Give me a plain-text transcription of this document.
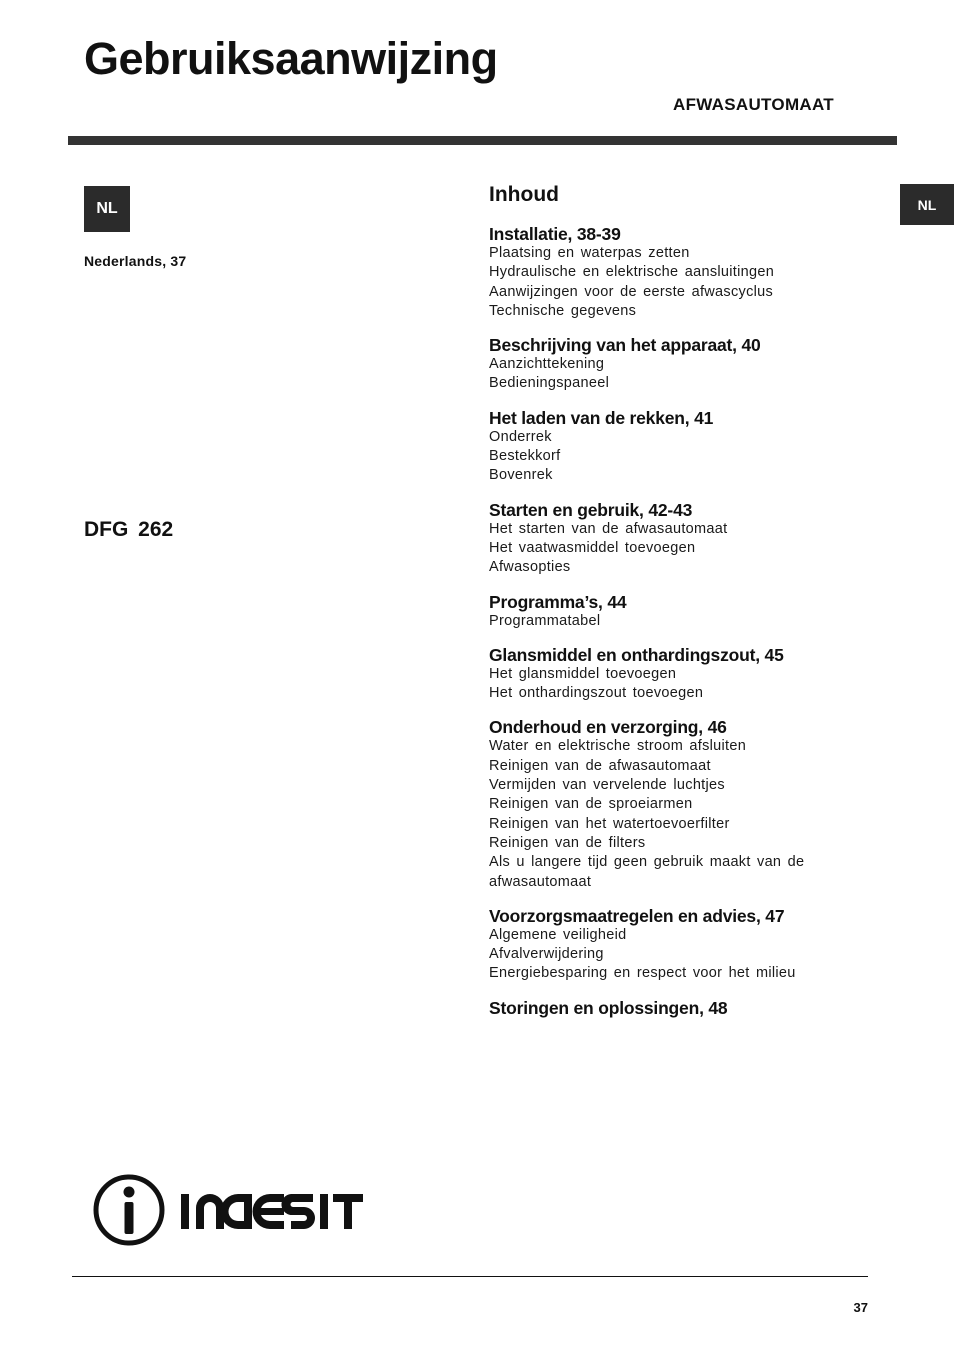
Gebruiksaanwijzing
AFWASAUTOMAAT
NL
Nederlands, 37
NL
DFG 262
Inhoud
Installatie, 38-39
Plaatsing en waterpas zetten
Hydraulische en elektrische aansluitingen
Aanwijzingen voor de eerste afwascyclus
Technische gegevens
Beschrijving van het apparaat, 40
Aanzichttekening
Bedieningspaneel
Het laden van de rekken, 41
Onderrek
Bestekkorf
Bovenrek
Starten en gebruik, 42-43
Het starten van de afwasautomaat
Het vaatwasmiddel toevoegen
Afwasopties
Programma’s, 44
Programmatabel
Glansmiddel en onthardingszout, 45
Het glansmiddel toevoegen
Het onthardingszout toevoegen
Onderhoud en verzorging, 46
Water en elektrische stroom afsluiten
Reinigen van de afwasautomaat
Vermijden van vervelende luchtjes
Reinigen van de sproeiarmen
Reinigen van het watertoevoerfilter
Reinigen van de filters
Als u langere tijd geen gebruik maakt van de afwasautomaat
Voorzorgsmaatregelen en advies, 47
Algemene veiligheid
Afvalverwijdering
Energiebesparing en respect voor het milieu
Storingen en oplossingen, 48
37
